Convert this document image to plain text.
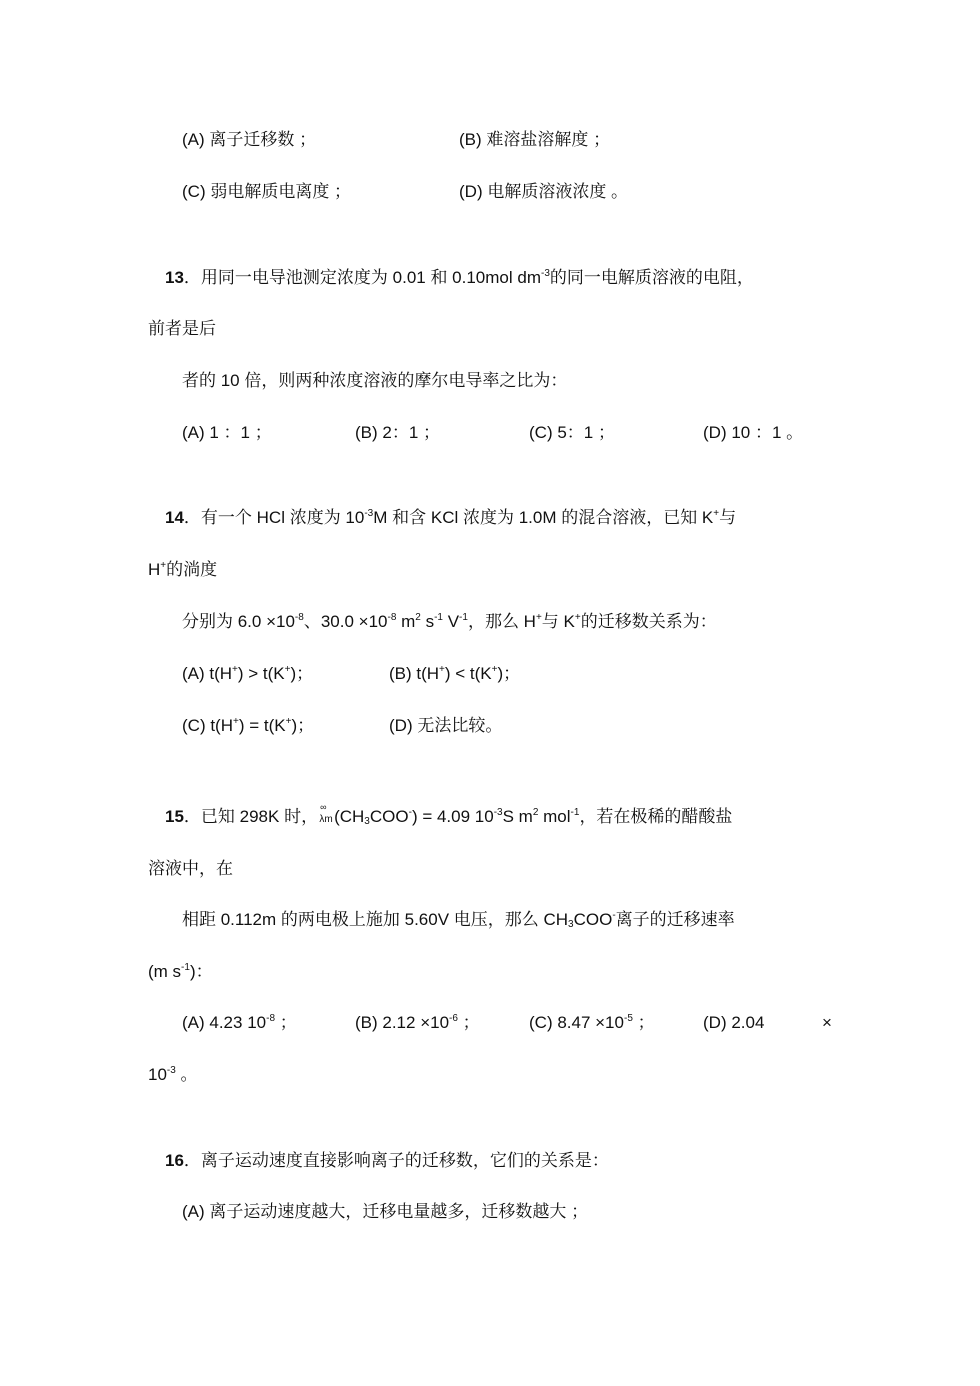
(A) 离子迁移数 ；	(B) 难溶盐溶解度 ；
(C) 弱电解质电离度 ；	(D) 电解质溶液浓度 。
13．用同一电导池测定浓度为 0.01 和 0.10mol $dm^{-3}$的同一电解质溶液的电阻，
前者是后
者的 10 倍，则两种浓度溶液的摩尔电导率之比为：
(A) 1 ：1 ；	(B) 2：1 ；	(C) 5：1 ；	(D) 10 ：1 。
14．有一个 HCl 浓度为 $10^{-3}M$ 和含 KCl 浓度为 1.0M 的混合溶液，已知 K+与
H+的淌度
分别为 $6.0 \times 10^{-8}$、$30.0 \times 10^{-8}$ $m^2$ $s^{-1}$ $V^{-1}$，那么 H+与 K+的迁移数关系为：
(A) t(H+) > t(K+)；	(B) t(H+) < t(K+)；
(C) t(H+) = t(K+)；	(D) 无法比较。
15．已知 298K 时， ∞
$\lambda m(CH_3COO^-) = 4.09$ $10^{-3}S$ $m^2$ mol$^{-1}$，若在极稀的醋酸盐
溶液中，在
相距 0.112m 的两电极上施加 5.60V 电压，那么 $CH_3COO^-$离子的迁移速率
(m $s^{-1}$)：
(A) 4.23 $10^{-8}$ ；	(B) $2.12 \times 10^{-6}$ ；	(C) $8.47 \times 10^{-5}$ ；	(D) 2.04	×
$10^{-3}$ 。
16．离子运动速度直接影响离子的迁移数，它们的关系是：
(A) 离子运动速度越大，迁移电量越多，迁移数越大 ；
